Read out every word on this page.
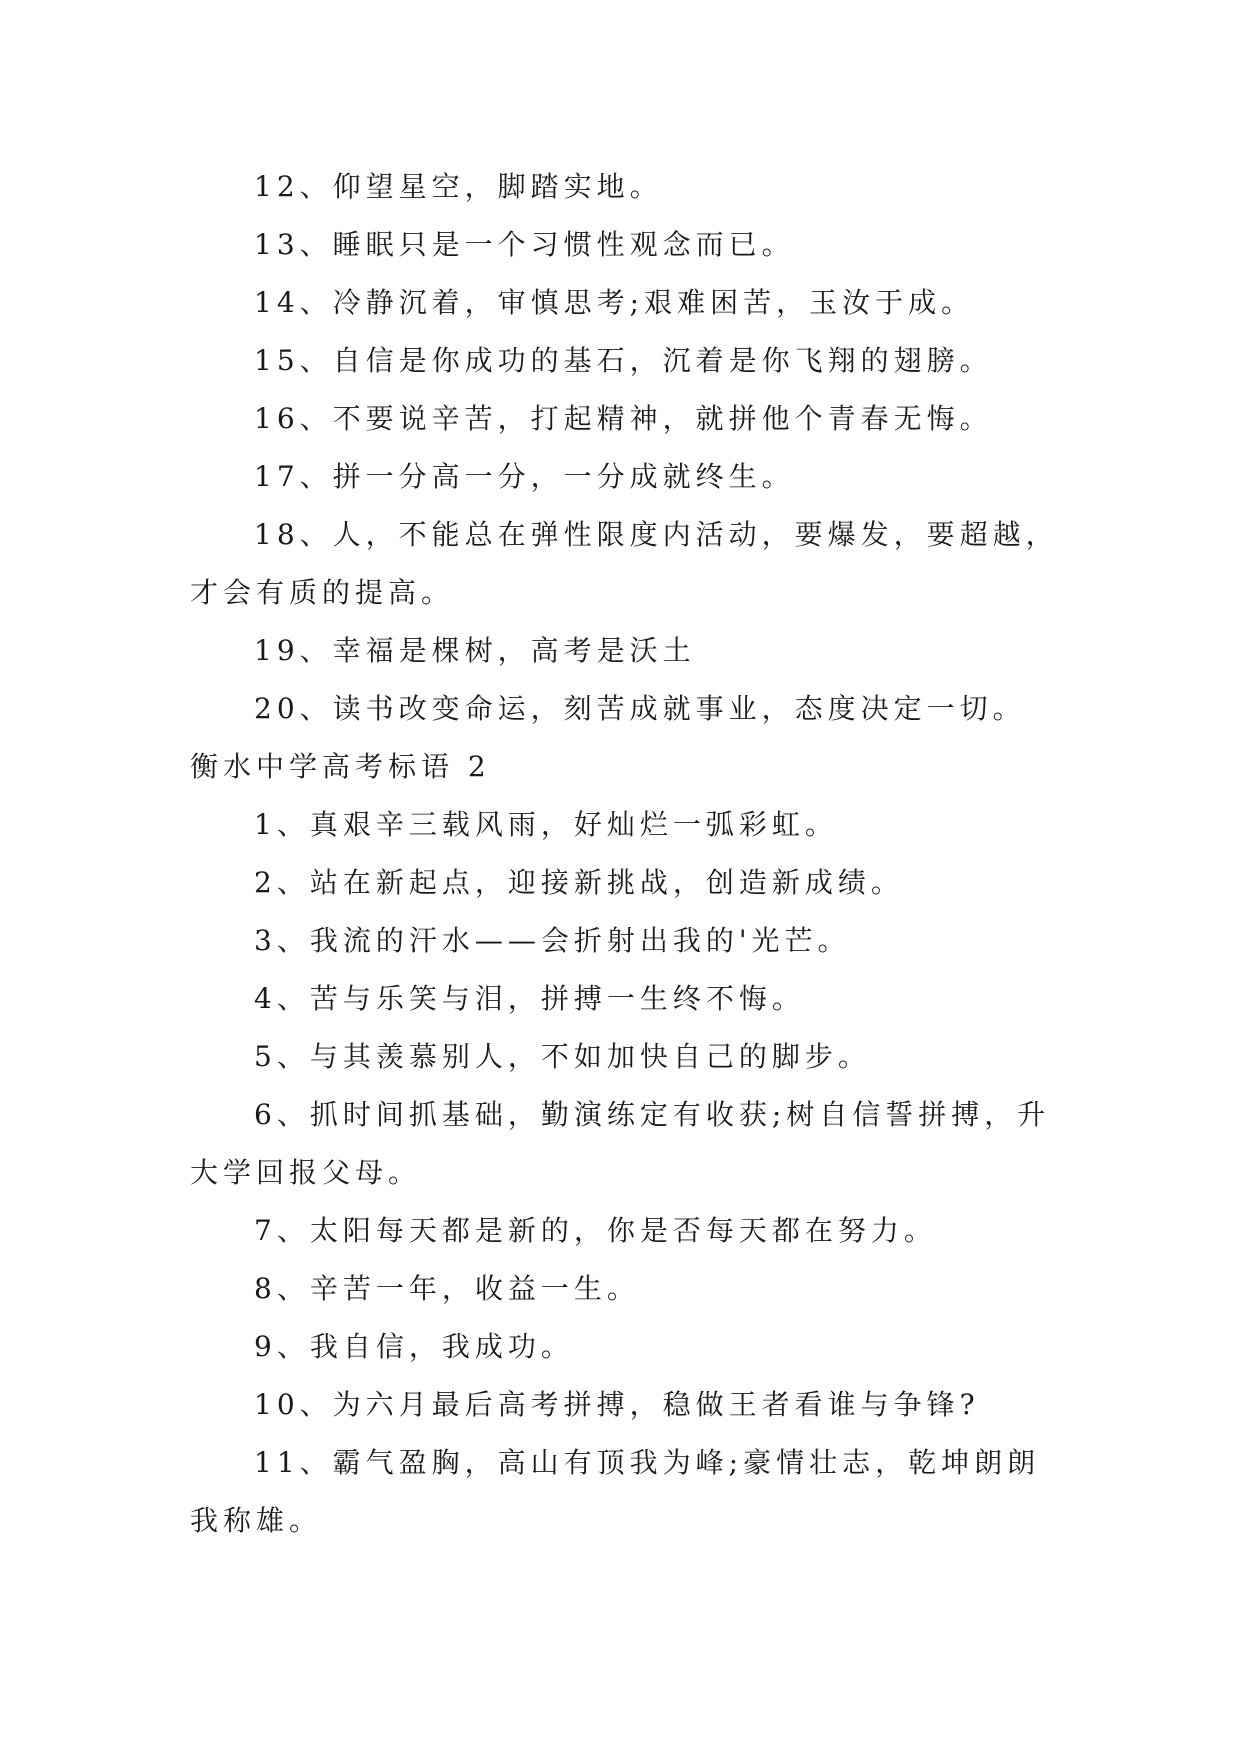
12、仰望星空，脚踏实地。

13、睡眠只是一个习惯性观念而已。

14、冷静沉着，审慎思考;艰难困苦，玉汝于成。

15、自信是你成功的基石，沉着是你飞翔的翅膀。

16、不要说辛苦，打起精神，就拼他个青春无悔。

17、拼一分高一分，一分成就终生。

18、人，不能总在弹性限度内活动，要爆发，要超越，才会有质的提高。

19、幸福是棵树，高考是沃土

20、读书改变命运，刻苦成就事业，态度决定一切。

衡水中学高考标语 2

1、真艰辛三载风雨，好灿烂一弧彩虹。

2、站在新起点，迎接新挑战，创造新成绩。

3、我流的汗水——会折射出我的'光芒。

4、苦与乐笑与泪，拼搏一生终不悔。

5、与其羡慕别人，不如加快自己的脚步。

6、抓时间抓基础，勤演练定有收获;树自信誓拼搏，升大学回报父母。

7、太阳每天都是新的，你是否每天都在努力。

8、辛苦一年，收益一生。

9、我自信，我成功。

10、为六月最后高考拼搏，稳做王者看谁与争锋?

11、霸气盈胸，高山有顶我为峰;豪情壮志，乾坤朗朗我称雄。
